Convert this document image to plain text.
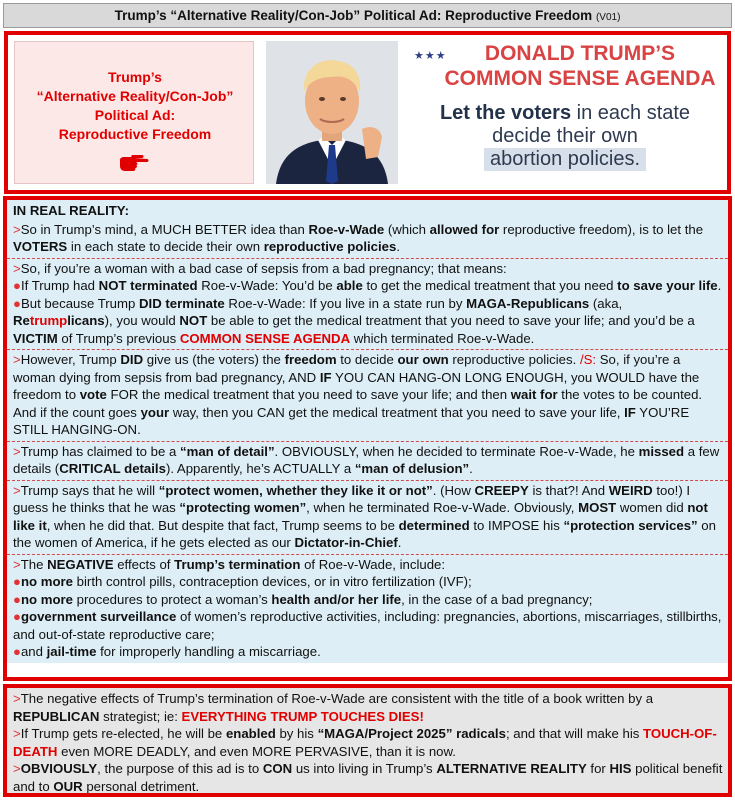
Trump’s “Alternative Reality/Con-Job” Political Ad: Reproductive Freedom (V01)
Trump’s
“Alternative Reality/Con-Job”
Political Ad:
Reproductive Freedom
★★★	DONALD TRUMP’S
COMMON SENSE AGENDA
Let the voters in each state
decide their own
abortion policies.
IN REAL REALITY:

>So in Trump’s mind, a MUCH BETTER idea than Roe-v-Wade (which allowed for reproductive freedom), is to let the VOTERS in each state to decide their own reproductive policies.

>So, if you’re a woman with a bad case of sepsis from a bad pregnancy; that means:

●If Trump had NOT terminated Roe-v-Wade: You’d be able to get the medical treatment that you need to save your life.

●But because Trump DID terminate Roe-v-Wade: If you live in a state run by MAGA-Republicans (aka, Retrumplicans), you would NOT be able to get the medical treatment that you need to save your life; and you’d be a VICTIM of Trump’s previous COMMON SENSE AGENDA which terminated Roe-v-Wade.

>However, Trump DID give us (the voters) the freedom to decide our own reproductive policies. /S: So, if you’re a woman dying from sepsis from bad pregnancy, AND IF YOU CAN HANG-ON LONG ENOUGH, you WOULD have the freedom to vote FOR the medical treatment that you need to save your life; and then wait for the votes to be counted. And if the count goes your way, then you CAN get the medical treatment that you need to save your life, IF YOU’RE STILL HANGING-ON.

>Trump has claimed to be a “man of detail”. OBVIOUSLY, when he decided to terminate Roe-v-Wade, he missed a few details (CRITICAL details). Apparently, he’s ACTUALLY a “man of delusion”.

>Trump says that he will “protect women, whether they like it or not”. (How CREEPY is that?! And WEIRD too!) I guess he thinks that he was “protecting women”, when he terminated Roe-v-Wade. Obviously, MOST women did not like it, when he did that. But despite that fact, Trump seems to be determined to IMPOSE his “protection services” on the women of America, if he gets elected as our Dictator-in-Chief.

>The NEGATIVE effects of Trump’s termination of Roe-v-Wade, include:

●no more birth control pills, contraception devices, or in vitro fertilization (IVF);

●no more procedures to protect a woman’s health and/or her life, in the case of a bad pregnancy;

●government surveillance of women’s reproductive activities, including: pregnancies, abortions, miscarriages, stillbirths, and out-of-state reproductive care;

●and jail-time for improperly handling a miscarriage.

>The negative effects of Trump’s termination of Roe-v-Wade are consistent with the title of a book written by a REPUBLICAN strategist; ie: EVERYTHING TRUMP TOUCHES DIES!

>If Trump gets re-elected, he will be enabled by his “MAGA/Project 2025” radicals; and that will make his TOUCH-OF-DEATH even MORE DEADLY, and even MORE PERVASIVE, than it is now.

>OBVIOUSLY, the purpose of this ad is to CON us into living in Trump’s ALTERNATIVE REALITY for HIS political benefit and to OUR personal detriment.
